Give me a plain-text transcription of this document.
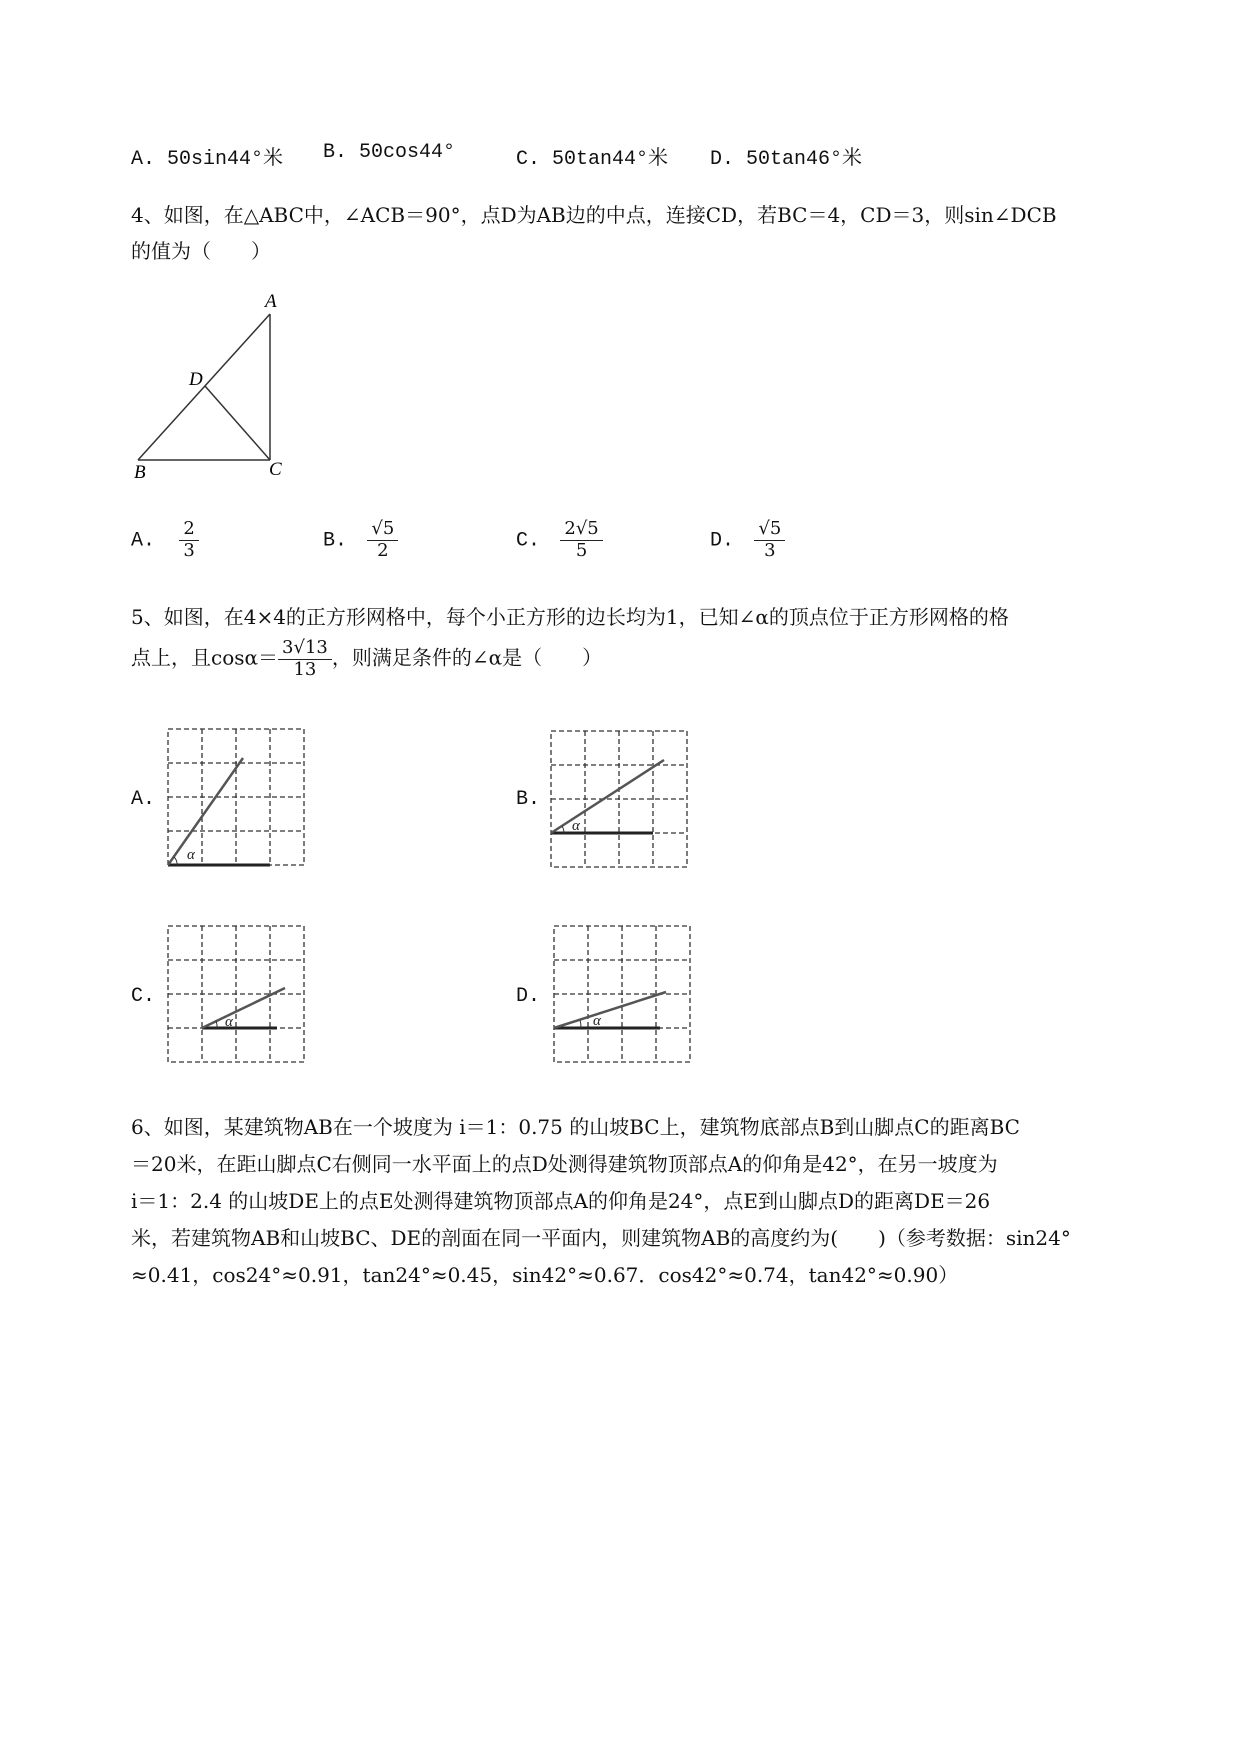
A. 50sin44°米 B. 50cos44°	C. 50tan44°米 D. 50tan46°米
4、如图，在△ABC中，∠ACB＝90°，点D为AB边的中点，连接CD，若BC＝4，CD＝3，则sin∠DCB
的值为（　　）
A
D
B	C
A. $\frac{2}{3}$	B. $\frac{√5}{2}$	C. $\frac{2√5}{5}$	D. $\frac{√5}{3}$
5、如图，在4×4的正方形网格中，每个小正方形的边长均为1，已知∠α的顶点位于正方形网格的格
点上，且$\cos\alpha= \frac{3√13}{13}$ ，则满足条件的∠α是（　　）
A.	B.
C.	D.
α
α
α	α
6、如图，某建筑物AB在一个坡度为 i＝1：0.75 的山坡BC上，建筑物底部点B到山脚点C的距离BC
＝20米，在距山脚点C右侧同一水平面上的点D处测得建筑物顶部点A的仰角是42°，在另一坡度为
i＝1：2.4 的山坡DE上的点E处测得建筑物顶部点A的仰角是24°，点E到山脚点D的距离DE＝26
米，若建筑物AB和山坡BC、DE的剖面在同一平面内，则建筑物AB的高度约为(　　)（参考数据：sin24°
≈0.41，cos24°≈0.91，tan24°≈0.45，sin42°≈0.67．cos42°≈0.74，tan42°≈0.90）
